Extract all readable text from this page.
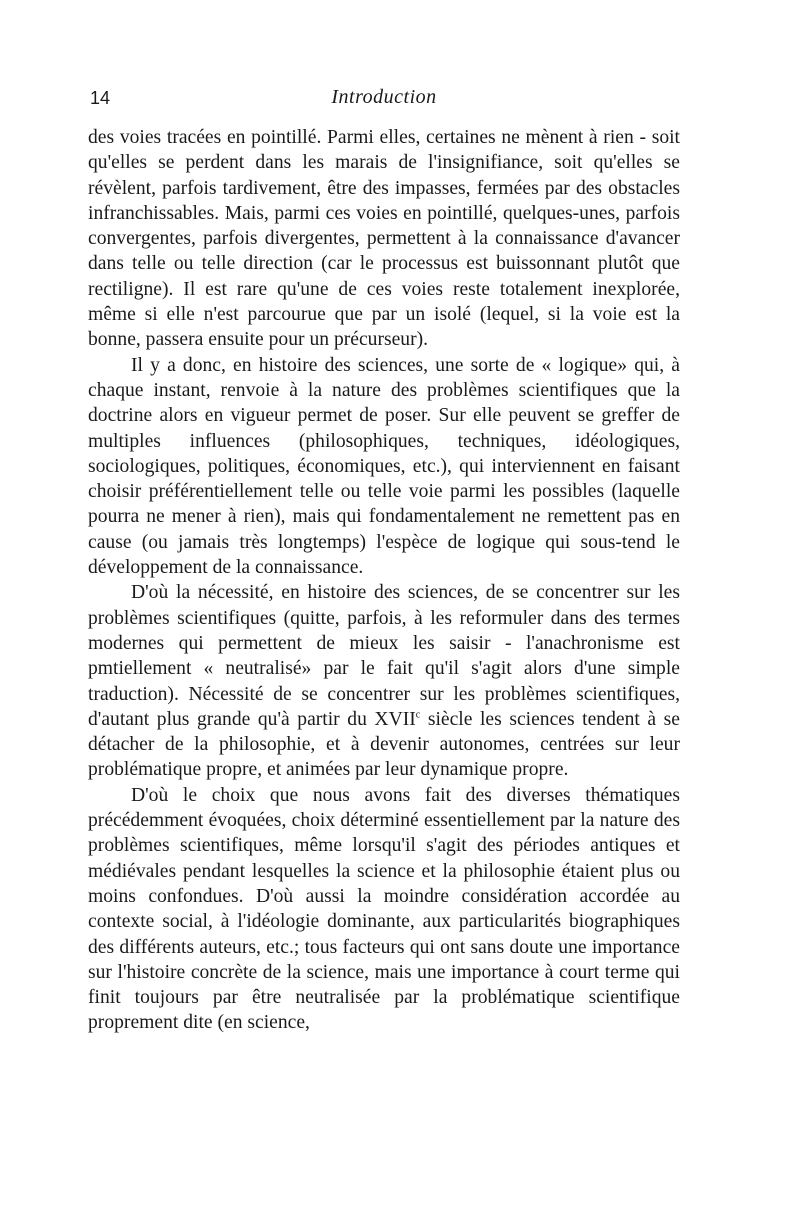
14	Introduction

des voies tracées en pointillé. Parmi elles, certaines ne mènent à rien - soit qu'elles se perdent dans les marais de l'insignifiance, soit qu'elles se révèlent, parfois tardivement, être des impasses, fermées par des obstacles infranchissables. Mais, parmi ces voies en pointillé, quelques-unes, parfois convergentes, parfois divergentes, permettent à la connaissance d'avancer dans telle ou telle direction (car le processus est buissonnant plutôt que rectiligne). Il est rare qu'une de ces voies reste totalement inexplorée, même si elle n'est parcourue que par un isolé (lequel, si la voie est la bonne, passera ensuite pour un précurseur).

Il y a donc, en histoire des sciences, une sorte de « logique» qui, à chaque instant, renvoie à la nature des problèmes scientifiques que la doctrine alors en vigueur permet de poser. Sur elle peuvent se greffer de multiples influences (philosophiques, techniques, idéologiques, sociologiques, politiques, économiques, etc.), qui interviennent en faisant choisir préférentiellement telle ou telle voie parmi les possibles (laquelle pourra ne mener à rien), mais qui fondamentalement ne remettent pas en cause (ou jamais très longtemps) l'espèce de logique qui sous-tend le développement de la connaissance.

D'où la nécessité, en histoire des sciences, de se concentrer sur les problèmes scientifiques (quitte, parfois, à les reformuler dans des termes modernes qui permettent de mieux les saisir - l'anachronisme est pmtiellement « neutralisé» par le fait qu'il s'agit alors d'une simple traduction). Nécessité de se concentrer sur les problèmes scientifiques, d'autant plus grande qu'à partir du XVII$^c$ siècle les sciences tendent à se détacher de la philosophie, et à devenir autonomes, centrées sur leur problématique propre, et animées par leur dynamique propre.

D'où le choix que nous avons fait des diverses thématiques précédemment évoquées, choix déterminé essentiellement par la nature des problèmes scientifiques, même lorsqu'il s'agit des périodes antiques et médiévales pendant lesquelles la science et la philosophie étaient plus ou moins confondues. D'où aussi la moindre considération accordée au contexte social, à l'idéologie dominante, aux particularités biographiques des différents auteurs, etc.; tous facteurs qui ont sans doute une importance sur l'histoire concrète de la science, mais une importance à court terme qui finit toujours par être neutralisée par la problématique scientifique proprement dite (en science,
